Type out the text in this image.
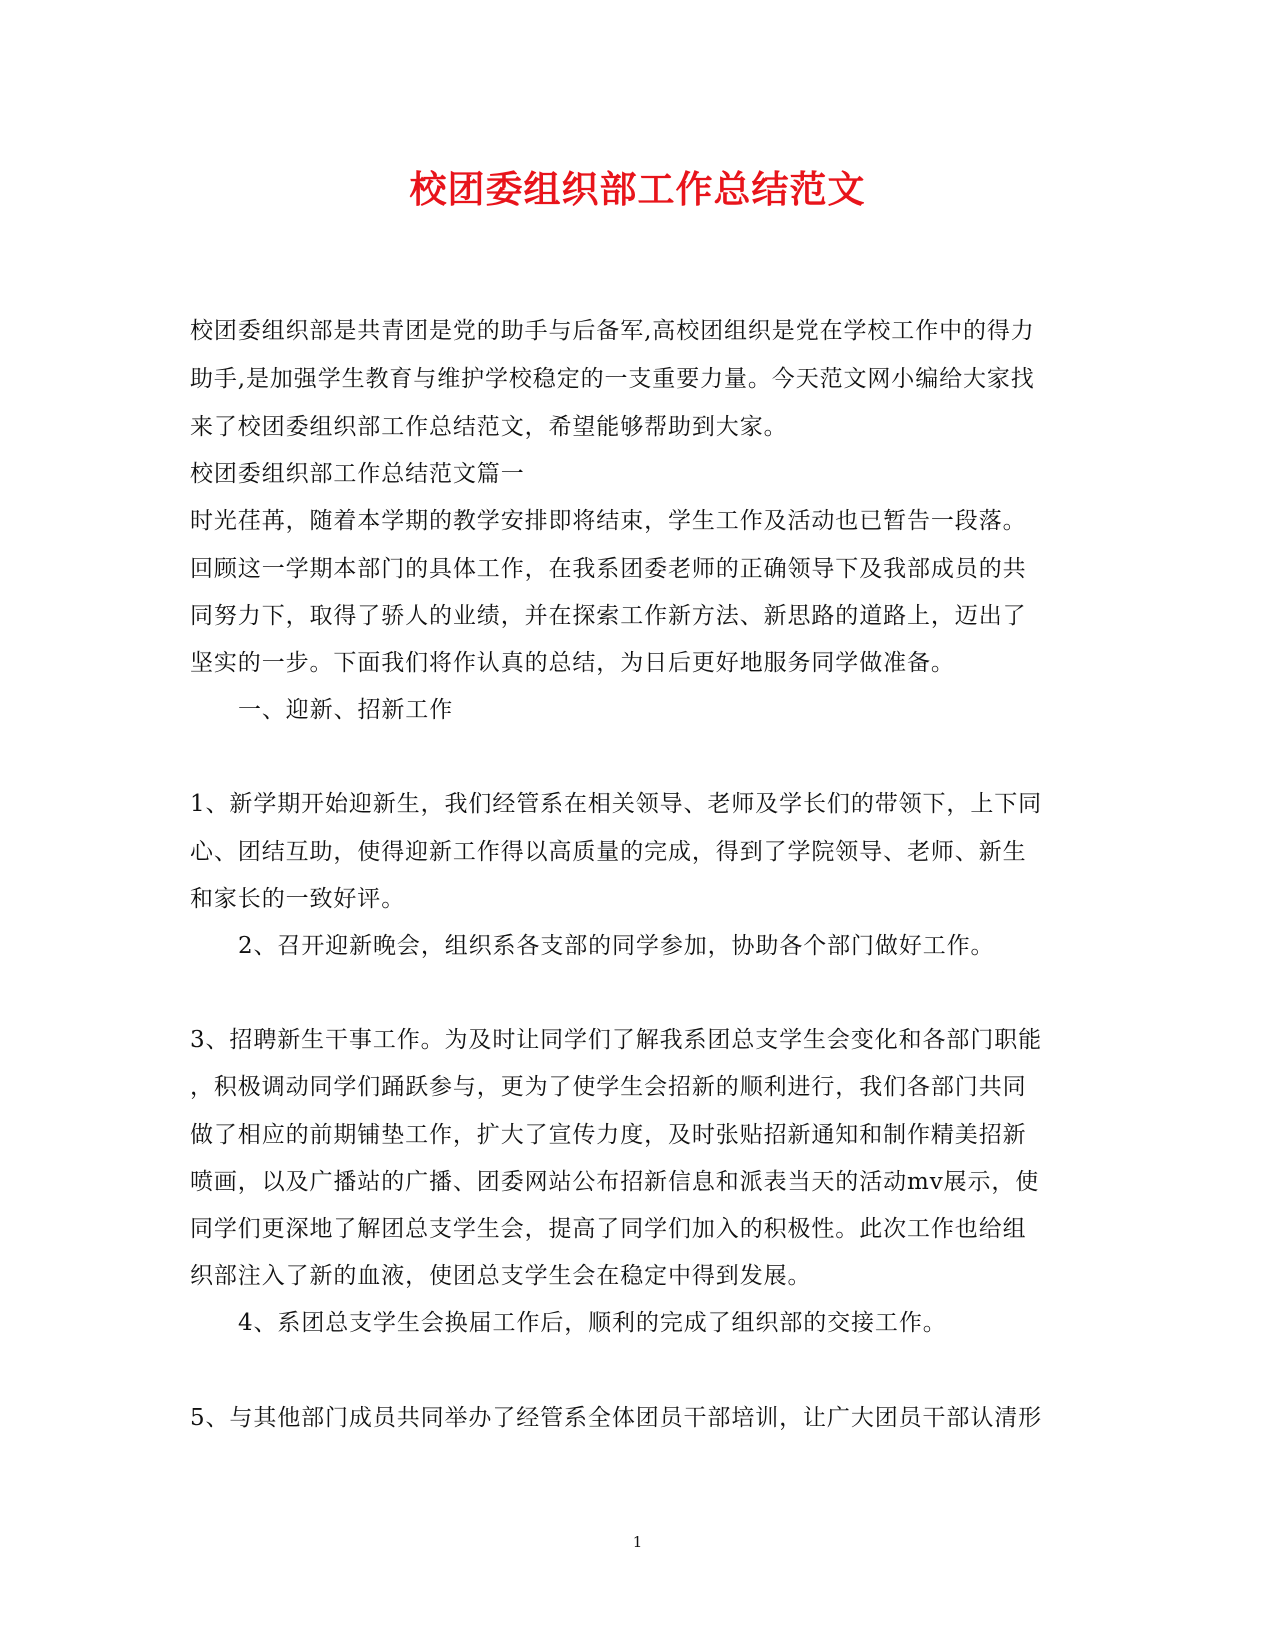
校团委组织部工作总结范文
校团委组织部是共青团是党的助手与后备军,高校团组织是党在学校工作中的得力
助手,是加强学生教育与维护学校稳定的一支重要力量。今天范文网小编给大家找
来了校团委组织部工作总结范文，希望能够帮助到大家。
校团委组织部工作总结范文篇一
时光荏苒，随着本学期的教学安排即将结束，学生工作及活动也已暂告一段落。
回顾这一学期本部门的具体工作，在我系团委老师的正确领导下及我部成员的共
同努力下，取得了骄人的业绩，并在探索工作新方法、新思路的道路上，迈出了
坚实的一步。下面我们将作认真的总结，为日后更好地服务同学做准备。
一、迎新、招新工作
1、新学期开始迎新生，我们经管系在相关领导、老师及学长们的带领下，上下同
心、团结互助，使得迎新工作得以高质量的完成，得到了学院领导、老师、新生
和家长的一致好评。
2、召开迎新晚会，组织系各支部的同学参加，协助各个部门做好工作。
3、招聘新生干事工作。为及时让同学们了解我系团总支学生会变化和各部门职能
，积极调动同学们踊跃参与，更为了使学生会招新的顺利进行，我们各部门共同
做了相应的前期铺垫工作，扩大了宣传力度，及时张贴招新通知和制作精美招新
喷画，以及广播站的广播、团委网站公布招新信息和派表当天的活动mv展示，使
同学们更深地了解团总支学生会，提高了同学们加入的积极性。此次工作也给组
织部注入了新的血液，使团总支学生会在稳定中得到发展。
4、系团总支学生会换届工作后，顺利的完成了组织部的交接工作。
5、与其他部门成员共同举办了经管系全体团员干部培训，让广大团员干部认清形
1
